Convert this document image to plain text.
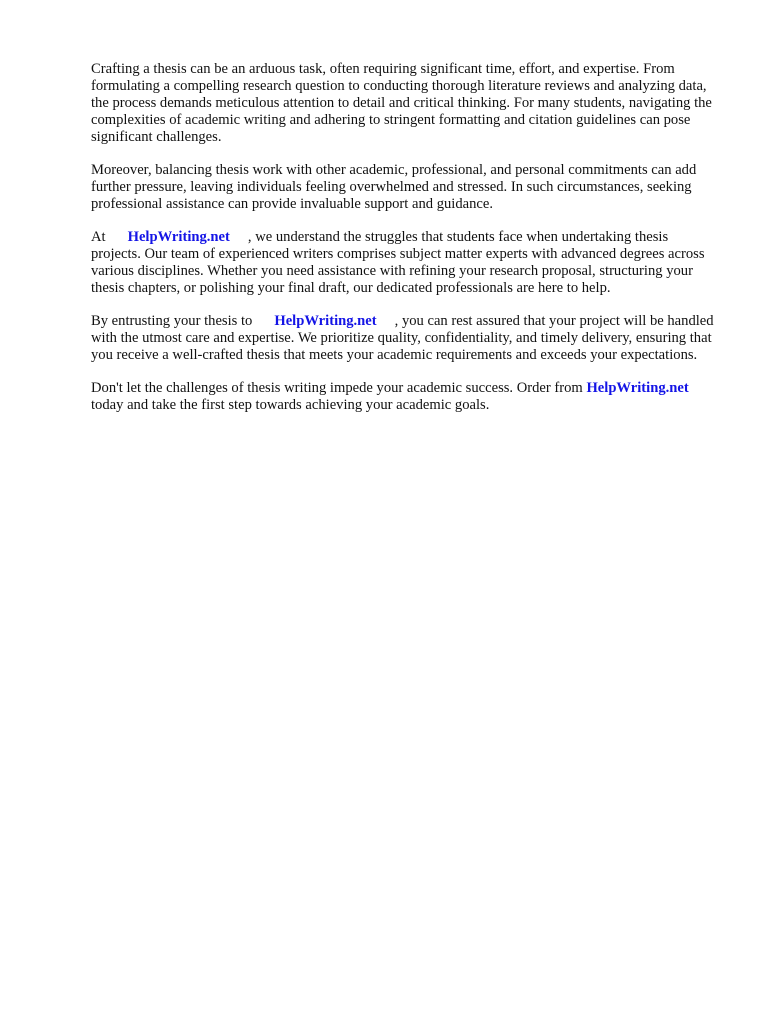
Crafting a thesis can be an arduous task, often requiring significant time, effort, and expertise. From formulating a compelling research question to conducting thorough literature reviews and analyzing data, the process demands meticulous attention to detail and critical thinking. For many students, navigating the complexities of academic writing and adhering to stringent formatting and citation guidelines can pose significant challenges.

Moreover, balancing thesis work with other academic, professional, and personal commitments can add further pressure, leaving individuals feeling overwhelmed and stressed. In such circumstances, seeking professional assistance can provide invaluable support and guidance.

At HelpWriting.net , we understand the struggles that students face when undertaking thesis projects. Our team of experienced writers comprises subject matter experts with advanced degrees across various disciplines. Whether you need assistance with refining your research proposal, structuring your thesis chapters, or polishing your final draft, our dedicated professionals are here to help.

By entrusting your thesis to HelpWriting.net , you can rest assured that your project will be handled with the utmost care and expertise. We prioritize quality, confidentiality, and timely delivery, ensuring that you receive a well-crafted thesis that meets your academic requirements and exceeds your expectations.

Don't let the challenges of thesis writing impede your academic success. Order from HelpWriting.nettoday and take the first step towards achieving your academic goals.
